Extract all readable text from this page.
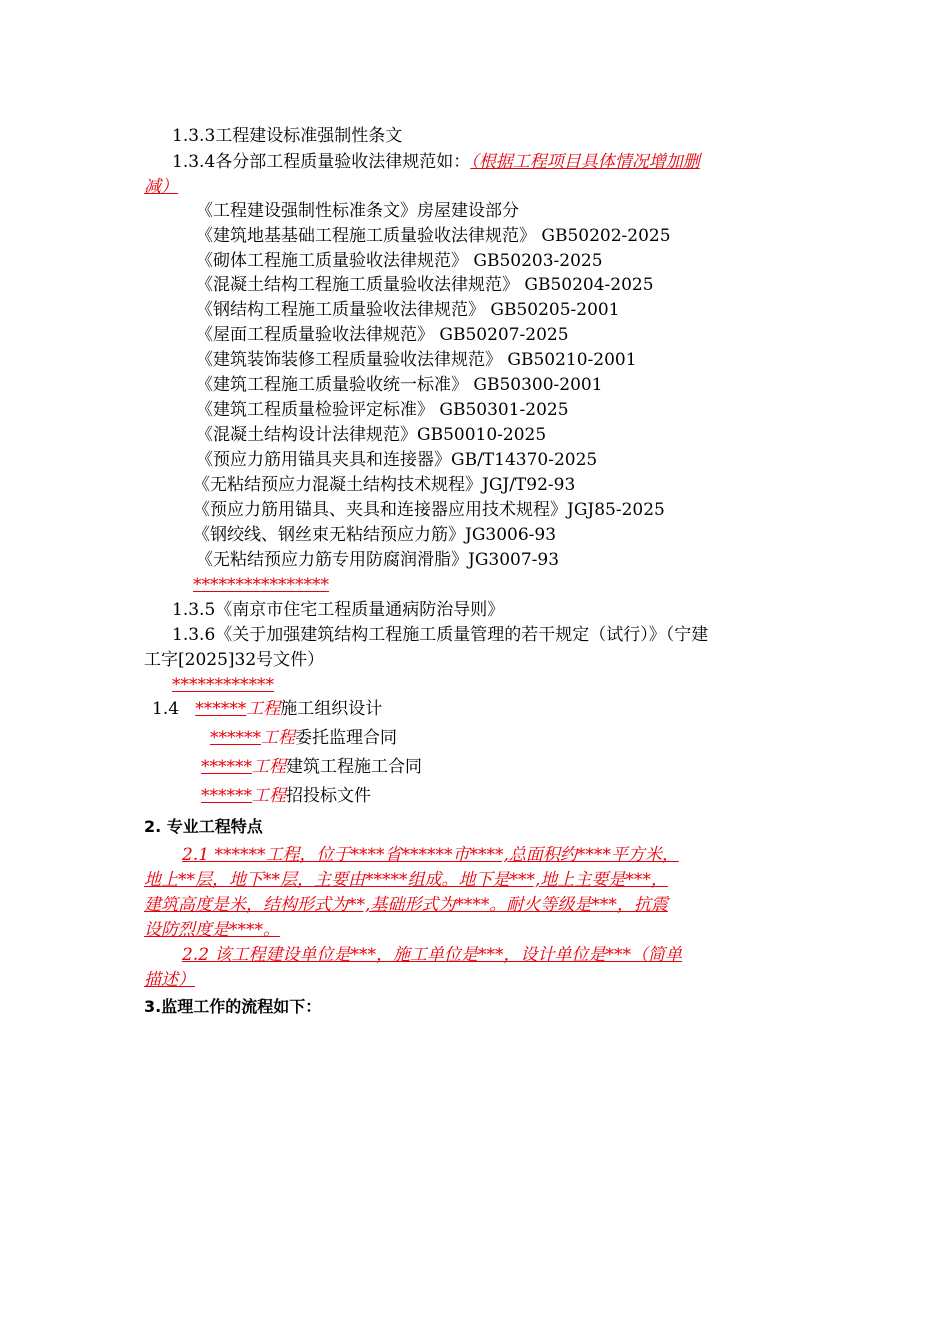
1.3.3工程建设标准强制性条文
1.3.4各分部工程质量验收法律规范如：（根据工程项目具体情况增加删
减）
《工程建设强制性标准条文》房屋建设部分
《建筑地基基础工程施工质量验收法律规范》 GB50202-2025
《砌体工程施工质量验收法律规范》 GB50203-2025
《混凝土结构工程施工质量验收法律规范》 GB50204-2025
《钢结构工程施工质量验收法律规范》 GB50205-2001
《屋面工程质量验收法律规范》 GB50207-2025
《建筑装饰装修工程质量验收法律规范》 GB50210-2001
《建筑工程施工质量验收统一标准》 GB50300-2001
《建筑工程质量检验评定标准》 GB50301-2025
《混凝土结构设计法律规范》GB50010-2025
《预应力筋用锚具夹具和连接器》GB/T14370-2025
《无粘结预应力混凝土结构技术规程》JGJ/T92-93
《预应力筋用锚具、夹具和连接器应用技术规程》JGJ85-2025
《钢绞线、钢丝束无粘结预应力筋》JG3006-93
《无粘结预应力筋专用防腐润滑脂》JG3007-93
****************
1.3.5《南京市住宅工程质量通病防治导则》
1.3.6《关于加强建筑结构工程施工质量管理的若干规定（试行）》（宁建
工字[2025]32号文件）
************
1.4 ******工程施工组织设计
******工程委托监理合同
******工程建筑工程施工合同
******工程招投标文件
2. 专业工程特点
2.1 ******工程，位于****省******市****,总面积约****平方米，
地上**层，地下**层，主要由*****组成。地下是***,地上主要是***，
建筑高度是米，结构形式为**,基础形式为****。耐火等级是***，抗震
设防烈度是****。
2.2 该工程建设单位是***，施工单位是***，设计单位是***（简单
描述）
3.监理工作的流程如下：
